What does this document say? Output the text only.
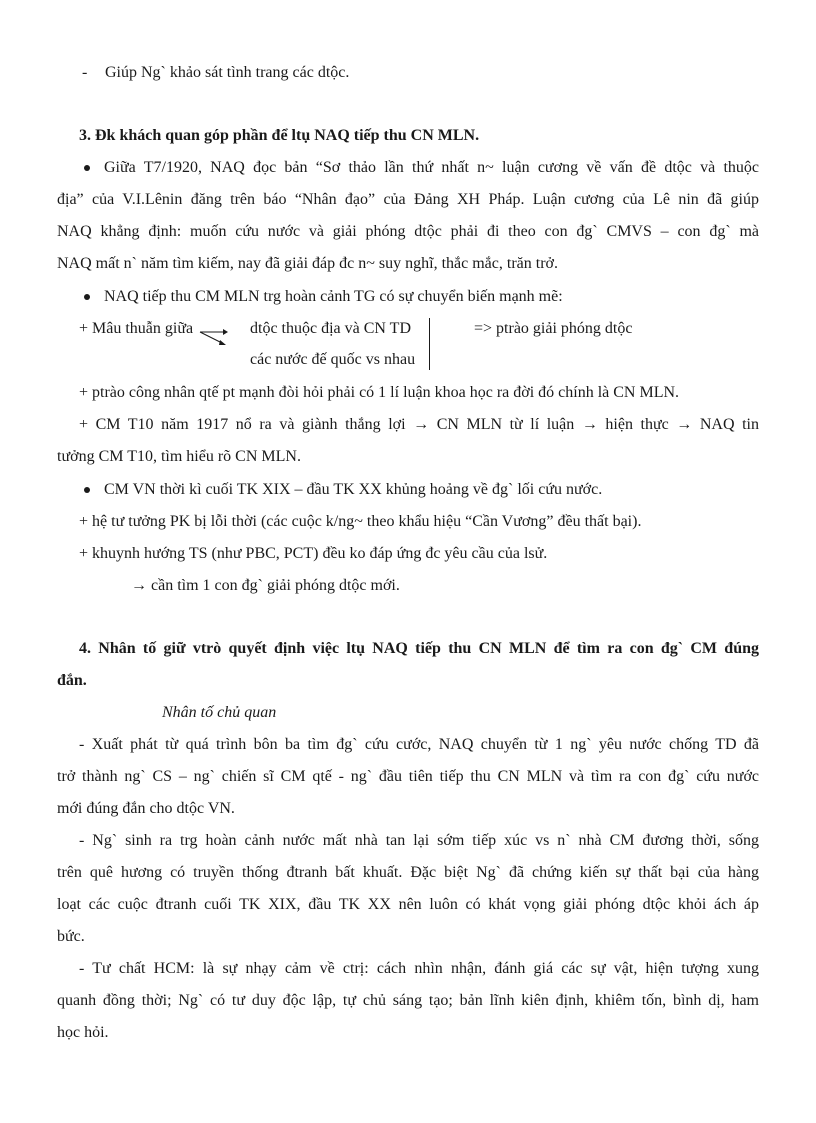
-	Giúp Ng` khảo sát tình trang các dtộc.
3. Đk khách quan góp phần để ltụ NAQ tiếp thu CN MLN.
Giữa T7/1920, NAQ đọc bản “Sơ thảo lần thứ nhất n~ luận cương về vấn đề dtộc và thuộc
địa” của V.I.Lênin đăng trên báo “Nhân đạo” của Đảng XH Pháp. Luận cương của Lê nin đã giúp
NAQ khẳng định: muốn cứu nước và giải phóng dtộc phải đi theo con đg` CMVS – con đg` mà
NAQ mất n` năm tìm kiếm, nay đã giải đáp đc n~ suy nghĩ, thắc mắc, trăn trở.
NAQ tiếp thu CM MLN trg hoàn cảnh TG có sự chuyển biến mạnh mẽ:
+ Mâu thuẫn giữa	dtộc thuộc địa và CN TD
các nước đế quốc vs nhau
=> ptrào giải phóng dtộc
+ ptrào công nhân qtế pt mạnh đòi hỏi phải có 1 lí luận khoa học ra đời đó chính là CN MLN.
+ CM T10 năm 1917 nổ ra và giành thắng lợi → CN MLN từ lí luận → hiện thực → NAQ tin
tưởng CM T10, tìm hiểu rõ CN MLN.
CM VN thời kì cuối TK XIX – đầu TK XX khủng hoảng về đg` lối cứu nước.
+ hệ tư tưởng PK bị lỗi thời (các cuộc k/ng~ theo khẩu hiệu “Cần Vương” đều thất bại).
+ khuynh hướng TS (như PBC, PCT) đều ko đáp ứng đc yêu cầu của lsử.
→ cần tìm 1 con đg` giải phóng dtộc mới.
4. Nhân tố giữ vtrò quyết định việc ltụ NAQ tiếp thu CN MLN để tìm ra con đg` CM đúng
đắn.
Nhân tố chủ quan
- Xuất phát từ quá trình bôn ba tìm đg` cứu cước, NAQ chuyển từ 1 ng` yêu nước chống TD đã
trở thành ng` CS – ng` chiến sĩ CM qtế - ng` đầu tiên tiếp thu CN MLN và tìm ra con đg` cứu nước
mới đúng đắn cho dtộc VN.
- Ng` sinh ra trg hoàn cảnh nước mất nhà tan lại sớm tiếp xúc vs n` nhà CM đương thời, sống
trên quê hương có truyền thống đtranh bất khuất. Đặc biệt Ng` đã chứng kiến sự thất bại của hàng
loạt các cuộc đtranh cuối TK XIX, đầu TK XX nên luôn có khát vọng giải phóng dtộc khỏi ách áp
bức.
- Tư chất HCM: là sự nhạy cảm về ctrị: cách nhìn nhận, đánh giá các sự vật, hiện tượng xung
quanh đồng thời; Ng` có tư duy độc lập, tự chủ sáng tạo; bản lĩnh kiên định, khiêm tốn, bình dị, ham
học hỏi.
